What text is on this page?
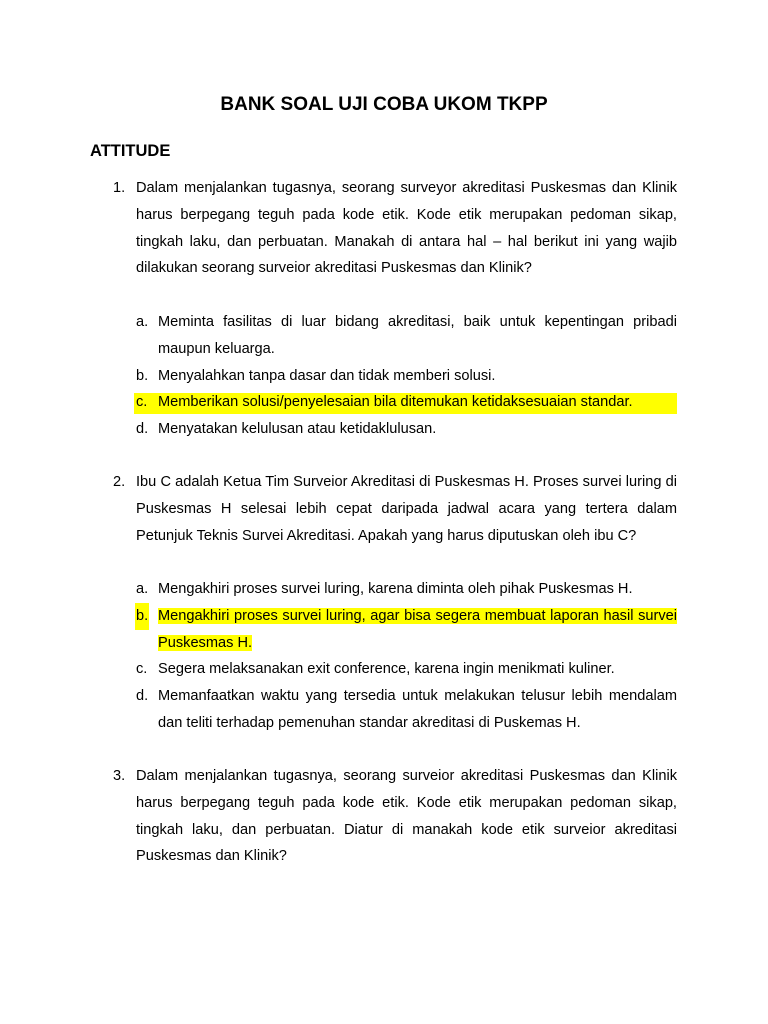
BANK SOAL UJI COBA UKOM TKPP
ATTITUDE
1. Dalam menjalankan tugasnya, seorang surveyor akreditasi Puskesmas dan Klinik harus berpegang teguh pada kode etik. Kode etik merupakan pedoman sikap, tingkah laku, dan perbuatan. Manakah di antara hal – hal berikut ini yang wajib dilakukan seorang surveior akreditasi Puskesmas dan Klinik?
a. Meminta fasilitas di luar bidang akreditasi, baik untuk kepentingan pribadi maupun keluarga.
b. Menyalahkan tanpa dasar dan tidak memberi solusi.
c. Memberikan solusi/penyelesaian bila ditemukan ketidaksesuaian standar.
d. Menyatakan kelulusan atau ketidaklulusan.
2. Ibu C adalah Ketua Tim Surveior Akreditasi di Puskesmas H. Proses survei luring di Puskesmas H selesai lebih cepat daripada jadwal acara yang tertera dalam Petunjuk Teknis Survei Akreditasi. Apakah yang harus diputuskan oleh ibu C?
a. Mengakhiri proses survei luring, karena diminta oleh pihak Puskesmas H.
b. Mengakhiri proses survei luring, agar bisa segera membuat laporan hasil survei Puskesmas H.
c. Segera melaksanakan exit conference, karena ingin menikmati kuliner.
d. Memanfaatkan waktu yang tersedia untuk melakukan telusur lebih mendalam dan teliti terhadap pemenuhan standar akreditasi di Puskemas H.
3. Dalam menjalankan tugasnya, seorang surveior akreditasi Puskesmas dan Klinik harus berpegang teguh pada kode etik. Kode etik merupakan pedoman sikap, tingkah laku, dan perbuatan. Diatur di manakah kode etik surveior akreditasi Puskesmas dan Klinik?
